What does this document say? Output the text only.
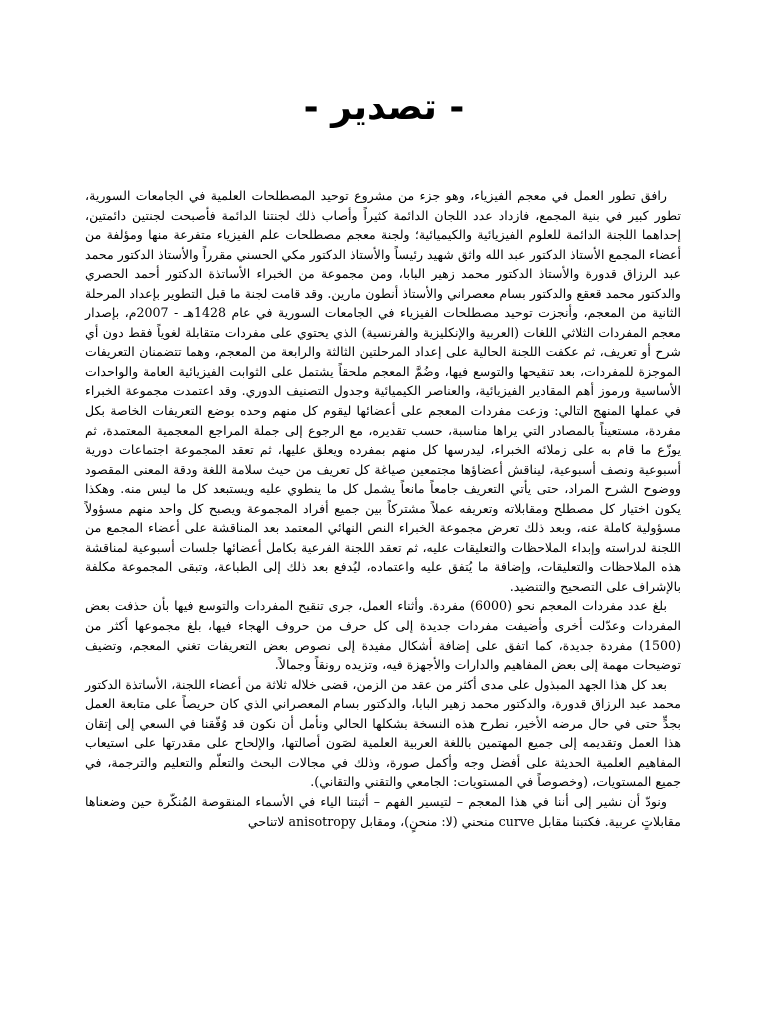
- تصدير -

رافق تطور العمل في معجم الفيزياء، وهو جزء من مشروع توحيد المصطلحات العلمية في الجامعات السورية، تطور كبير في بنية المجمع، فازداد عدد اللجان الدائمة كثيراً وأصاب ذلك لجنتنا الدائمة فأصبحت لجنتين دائمتين، إحداهما اللجنة الدائمة للعلوم الفيزيائية والكيميائية؛ ولجنة معجم مصطلحات علم الفيزياء متفرعة منها ومؤلفة من أعضاء المجمع الأستاذ الدكتور عبد الله واثق شهيد رئيساً والأستاذ الدكتور مكي الحسني مقرراً والأستاذ الدكتور محمد عبد الرزاق قدورة والأستاذ الدكتور محمد زهير البابا، ومن مجموعة من الخبراء الأساتذة الدكتور أحمد الحصري والدكتور محمد قعقع والدكتور بسام معصراني والأستاذ أنطون مارين. وقد قامت لجنة ما قبل التطوير بإعداد المرحلة الثانية من المعجم، وأنجزت توحيد مصطلحات الفيزياء في الجامعات السورية في عام 1428هـ - 2007م، بإصدار معجم المفردات الثلاثي اللغات (العربية والإنكليزية والفرنسية) الذي يحتوي على مفردات متقابلة لغوياً فقط دون أي شرح أو تعريف، ثم عكفت اللجنة الحالية على إعداد المرحلتين الثالثة والرابعة من المعجم، وهما تتضمنان التعريفات الموجزة للمفردات، بعد تنقيحها والتوسع فيها، وضُمَّ المعجم ملحقاً يشتمل على الثوابت الفيزيائية العامة والواحدات الأساسية ورموز أهم المقادير الفيزيائية، والعناصر الكيميائية وجدول التصنيف الدوري. وقد اعتمدت مجموعة الخبراء في عملها المنهج التالي: وزعت مفردات المعجم على أعضائها ليقوم كل منهم وحده بوضع التعريفات الخاصة بكل مفردة، مستعيناً بالمصادر التي يراها مناسبة، حسب تقديره، مع الرجوع إلى جملة المراجع المعجمية المعتمدة، ثم يوزّع ما قام به على زملائه الخبراء، ليدرسها كل منهم بمفرده ويعلق عليها، ثم تعقد المجموعة اجتماعات دورية أسبوعية ونصف أسبوعية، ليناقش أعضاؤها مجتمعين صياغة كل تعريف من حيث سلامة اللغة ودقة المعنى المقصود ووضوح الشرح المراد، حتى يأتي التعريف جامعاً مانعاً يشمل كل ما ينطوي عليه ويستبعد كل ما ليس منه. وهكذا يكون اختيار كل مصطلح ومقابلاته وتعريفه عملاً مشتركاً بين جميع أفراد المجموعة ويصبح كل واحد منهم مسؤولاً مسؤولية كاملة عنه، وبعد ذلك تعرض مجموعة الخبراء النص النهائي المعتمد بعد المناقشة على أعضاء المجمع من اللجنة لدراسته وإبداء الملاحظات والتعليقات عليه، ثم تعقد اللجنة الفرعية بكامل أعضائها جلسات أسبوعية لمناقشة هذه الملاحظات والتعليقات، وإضافة ما يُتفق عليه واعتماده، ليُدفع بعد ذلك إلى الطباعة، وتبقى المجموعة مكلفة بالإشراف على التصحيح والتنضيد.

بلغ عدد مفردات المعجم نحو (6000) مفردة. وأثناء العمل، جرى تنقيح المفردات والتوسع فيها بأن حذفت بعض المفردات وعدّلت أخرى وأضيفت مفردات جديدة إلى كل حرف من حروف الهجاء فيها، بلغ مجموعها أكثر من (1500) مفردة جديدة، كما اتفق على إضافة أشكال مفيدة إلى نصوص بعض التعريفات تغني المعجم، وتضيف توضيحات مهمة إلى بعض المفاهيم والدارات والأجهزة فيه، وتزيده رونقاً وجمالاً.

بعد كل هذا الجهد المبذول على مدى أكثر من عقد من الزمن، قضى خلاله ثلاثة من أعضاء اللجنة، الأساتذة الدكتور محمد عبد الرزاق قدورة، والدكتور محمد زهير البابا، والدكتور بسام المعصراني الذي كان حريصاً على متابعة العمل بجدٍّ حتى في حال مرضه الأخير، نطرح هذه النسخة بشكلها الحالي ونأمل أن نكون قد وُفّقنا في السعي إلى إتقان هذا العمل وتقديمه إلى جميع المهتمين باللغة العربية العلمية لصَون أصالتها، والإلحاح على مقدرتها على استيعاب المفاهيم العلمية الحديثة على أفضل وجه وأكمل صورة، وذلك في مجالات البحث والتعلّم والتعليم والترجمة، في جميع المستويات، (وخصوصاً في المستويات: الجامعي والتقني والتقاني).

ونودّ أن نشير إلى أننا في هذا المعجم – لتيسير الفهم – أثبتنا الياء في الأسماء المنقوصة المُنكّرة حين وضعناها مقابلاتٍ عربية. فكتبنا مقابل curve منحني (لا: منحنٍ)، ومقابل anisotropy لاتناحي
